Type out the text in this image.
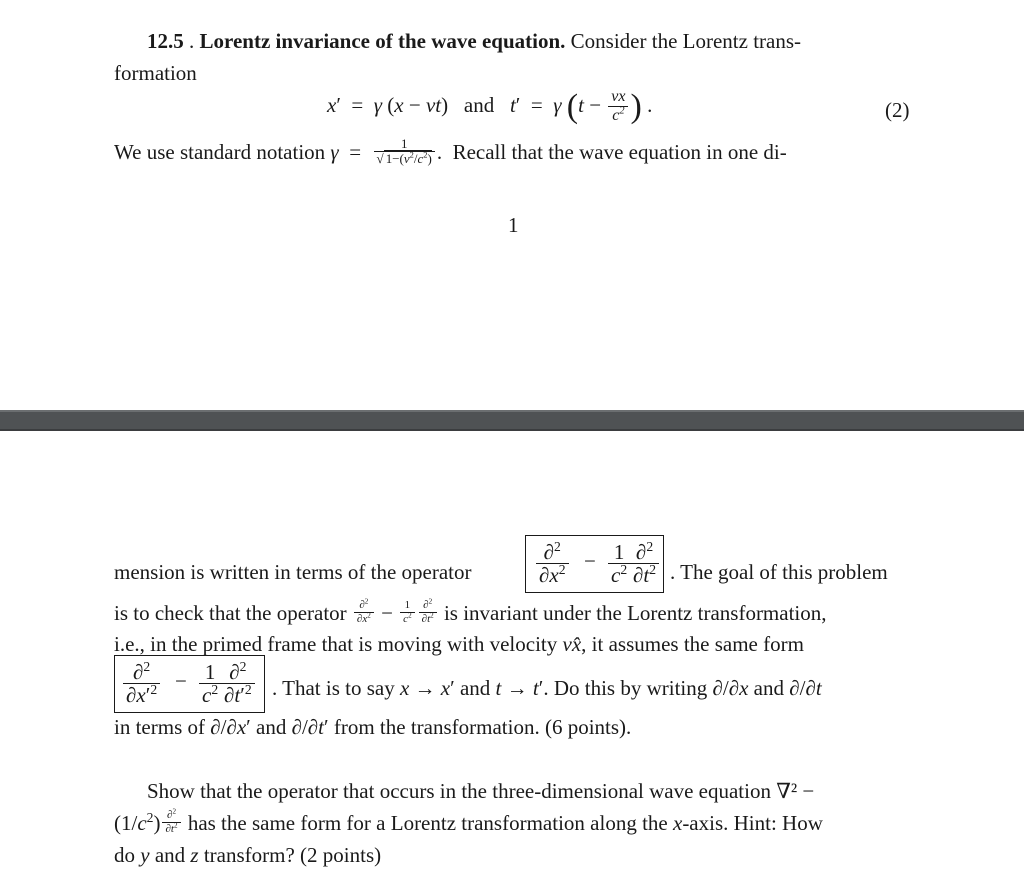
12.5 . Lorentz invariance of the wave equation. Consider the Lorentz trans-
formation
x′  =  γ (x − vt)   and t′  =  γ ($t - \frac{vx}{c^2}$ ) .	(2)
We use standard notation $\gamma = \frac{1}{√ 1-(v^2/c^2)}$ .  Recall that the wave equation in one di-
1
mension is written in terms of the operator	$\frac{\partial^2}{\partial x^2} - \frac{1}{c^2} \frac{\partial^2}{\partial t^2}$ . The goal of this problem
is to check that the operator $\frac{\partial^2}{\partial x^2} - \frac{1}{c^2} \frac{\partial^2}{\partial t^2}$ is invariant under the Lorentz transformation,
i.e., in the primed frame that is moving with velocity vx̂, it assumes the same form
$\frac{\partial^2}{\partial x'^2} - \frac{1}{c^2} \frac{\partial^2}{\partial t'^2}$ . That is to say x → x′ and t → t′. Do this by writing ∂/∂x and ∂/∂t
in terms of ∂/∂x′ and ∂/∂t′ from the transformation. (6 points).
Show that the operator that occurs in the three-dimensional wave equation ∇² −
$(1/c^2) \frac{\partial^2}{\partial t^2}$ has the same form for a Lorentz transformation along the x-axis. Hint: How
do y and z transform? (2 points)
